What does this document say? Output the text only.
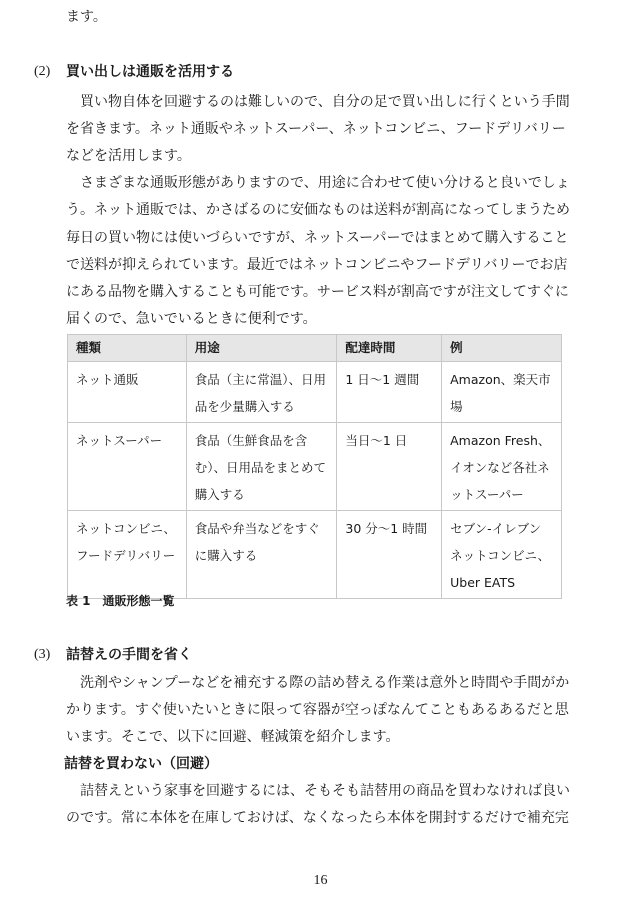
ます。
(2) 買い出しは通販を活用する
　買い物自体を回避するのは難しいので、自分の足で買い出しに行くという手間
を省きます。ネット通販やネットスーパー、ネットコンビニ、フードデリバリー
などを活用します。
　さまざまな通販形態がありますので、用途に合わせて使い分けると良いでしょ
う。ネット通販では、かさばるのに安価なものは送料が割高になってしまうため
毎日の買い物には使いづらいですが、ネットスーパーではまとめて購入すること
で送料が抑えられています。最近ではネットコンビニやフードデリバリーでお店
にある品物を購入することも可能です。サービス料が割高ですが注文してすぐに
届くので、急いでいるときに便利です。
種類	用途	配達時間	例
ネット通販	食品（主に常温）、日用品を少量購入する	1 日～1 週間	Amazon、楽天市場
ネットスーパー	食品（生鮮食品を含む）、日用品をまとめて購入する	当日～1 日	Amazon Fresh、イオンなど各社ネットスーパー
ネットコンビニ、フードデリバリー	食品や弁当などをすぐに購入する	30 分～1 時間	セブン-イレブンネットコンビニ、Uber EATS
表 1　通販形態一覧
(3) 詰替えの手間を省く
　洗剤やシャンプーなどを補充する際の詰め替える作業は意外と時間や手間がか
かります。すぐ使いたいときに限って容器が空っぽなんてこともあるあるだと思
います。そこで、以下に回避、軽減策を紹介します。
詰替を買わない（回避）
　詰替えという家事を回避するには、そもそも詰替用の商品を買わなければ良い
のです。常に本体を在庫しておけば、なくなったら本体を開封するだけで補充完
16
